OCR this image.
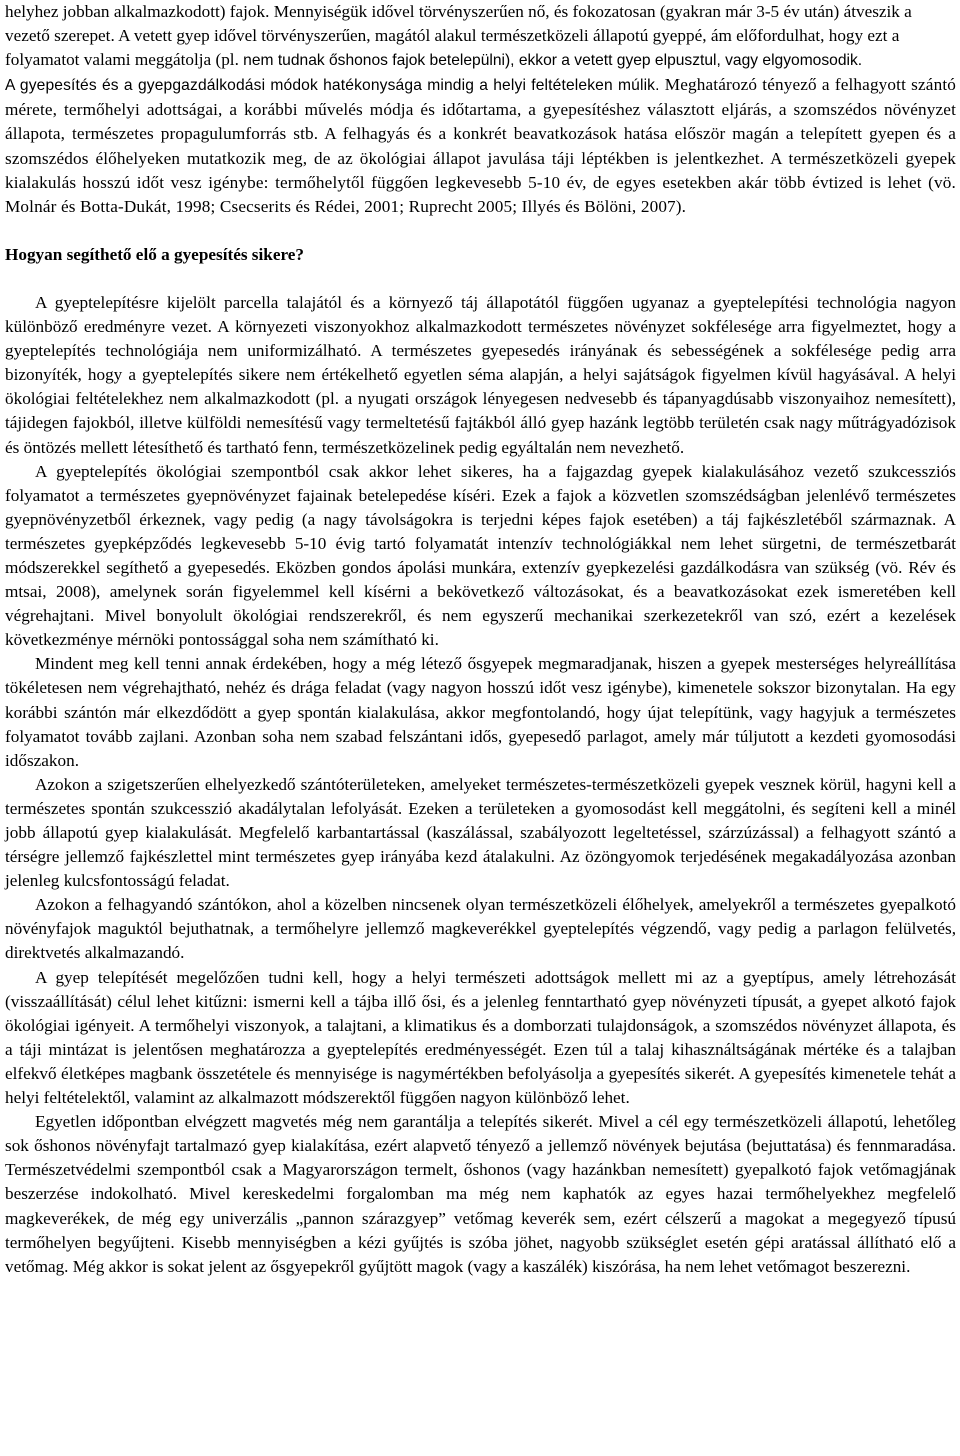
helyhez jobban alkalmazkodott) fajok. Mennyiségük idővel törvényszerűen nő, és fokozatosan (gyakran már 3-5 év után) átveszik a vezető szerepet. A vetett gyep idővel törvényszerűen, magától alakul természetközeli állapotú gyeppé, ám előfordulhat, hogy ezt a folyamatot valami meggátolja (pl. nem tudnak őshonos fajok betelepülni), ekkor a vetett gyep elpusztul, vagy elgyomosodik.

A gyepesítés és a gyepgazdálkodási módok hatékonysága mindig a helyi feltételeken múlik. Meghatározó tényező a felhagyott szántó mérete, termőhelyi adottságai, a korábbi művelés módja és időtartama, a gyepesítéshez választott eljárás, a szomszédos növényzet állapota, természetes propagulumforrás stb. A felhagyás és a konkrét beavatkozások hatása először magán a telepített gyepen és a szomszédos élőhelyeken mutatkozik meg, de az ökológiai állapot javulása táji léptékben is jelentkezhet. A természetközeli gyepek kialakulás hosszú időt vesz igénybe: termőhelytől függően legkevesebb 5-10 év, de egyes esetekben akár több évtized is lehet (vö. Molnár és Botta-Dukát, 1998; Csecserits és Rédei, 2001; Ruprecht 2005; Illyés és Bölöni, 2007).

Hogyan segíthető elő a gyepesítés sikere?

A gyeptelepítésre kijelölt parcella talajától és a környező táj állapotától függően ugyanaz a gyeptelepítési technológia nagyon különböző eredményre vezet. A környezeti viszonyokhoz alkalmazkodott természetes növényzet sokfélesége arra figyelmeztet, hogy a gyeptelepítés technológiája nem uniformizálható. A természetes gyepesedés irányának és sebességének a sokfélesége pedig arra bizonyíték, hogy a gyeptelepítés sikere nem értékelhető egyetlen séma alapján, a helyi sajátságok figyelmen kívül hagyásával. A helyi ökológiai feltételekhez nem alkalmazkodott (pl. a nyugati országok lényegesen nedvesebb és tápanyagdúsabb viszonyaihoz nemesített), tájidegen fajokból, illetve külföldi nemesítésű vagy termeltetésű fajtákból álló gyep hazánk legtöbb területén csak nagy műtrágyadózisok és öntözés mellett létesíthető és tartható fenn, természetközelinek pedig egyáltalán nem nevezhető.

A gyeptelepítés ökológiai szempontból csak akkor lehet sikeres, ha a fajgazdag gyepek kialakulásához vezető szukcessziós folyamatot a természetes gyepnövényzet fajainak betelepedése kíséri. Ezek a fajok a közvetlen szomszédságban jelenlévő természetes gyepnövényzetből érkeznek, vagy pedig (a nagy távolságokra is terjedni képes fajok esetében) a táj fajkészletéből származnak. A természetes gyepképződés legkevesebb 5-10 évig tartó folyamatát intenzív technológiákkal nem lehet sürgetni, de természetbarát módszerekkel segíthető a gyepesedés. Eközben gondos ápolási munkára, extenzív gyepkezelési gazdálkodásra van szükség (vö. Rév és mtsai, 2008), amelynek során figyelemmel kell kísérni a bekövetkező változásokat, és a beavatkozásokat ezek ismeretében kell végrehajtani. Mivel bonyolult ökológiai rendszerekről, és nem egyszerű mechanikai szerkezetekről van szó, ezért a kezelések következménye mérnöki pontossággal soha nem számítható ki.

Mindent meg kell tenni annak érdekében, hogy a még létező ősgyepek megmaradjanak, hiszen a gyepek mesterséges helyreállítása tökéletesen nem végrehajtható, nehéz és drága feladat (vagy nagyon hosszú időt vesz igénybe), kimenetele sokszor bizonytalan. Ha egy korábbi szántón már elkezdődött a gyep spontán kialakulása, akkor megfontolandó, hogy újat telepítünk, vagy hagyjuk a természetes folyamatot tovább zajlani. Azonban soha nem szabad felszántani idős, gyepesedő parlagot, amely már túljutott a kezdeti gyomosodási időszakon.

Azokon a szigetszerűen elhelyezkedő szántóterületeken, amelyeket természetes-természetközeli gyepek vesznek körül, hagyni kell a természetes spontán szukcesszió akadálytalan lefolyását. Ezeken a területeken a gyomosodást kell meggátolni, és segíteni kell a minél jobb állapotú gyep kialakulását. Megfelelő karbantartással (kaszálással, szabályozott legeltetéssel, szárzúzással) a felhagyott szántó a térségre jellemző fajkészlettel mint természetes gyep irányába kezd átalakulni. Az özöngyomok terjedésének megakadályozása azonban jelenleg kulcsfontosságú feladat.

Azokon a felhagyandó szántókon, ahol a közelben nincsenek olyan természetközeli élőhelyek, amelyekről a természetes gyepalkotó növényfajok maguktól bejuthatnak, a termőhelyre jellemző magkeverékkel gyeptelepítés végzendő, vagy pedig a parlagon felülvetés, direktvetés alkalmazandó.

A gyep telepítését megelőzően tudni kell, hogy a helyi természeti adottságok mellett mi az a gyeptípus, amely létrehozását (visszaállítását) célul lehet kitűzni: ismerni kell a tájba illő ősi, és a jelenleg fenntartható gyep növényzeti típusát, a gyepet alkotó fajok ökológiai igényeit. A termőhelyi viszonyok, a talajtani, a klimatikus és a domborzati tulajdonságok, a szomszédos növényzet állapota, és a táji mintázat is jelentősen meghatározza a gyeptelepítés eredményességét. Ezen túl a talaj kihasználtságának mértéke és a talajban elfekvő életképes magbank összetétele és mennyisége is nagymértékben befolyásolja a gyepesítés sikerét. A gyepesítés kimenetele tehát a helyi feltételektől, valamint az alkalmazott módszerektől függően nagyon különböző lehet.

Egyetlen időpontban elvégzett magvetés még nem garantálja a telepítés sikerét. Mivel a cél egy természetközeli állapotú, lehetőleg sok őshonos növényfajt tartalmazó gyep kialakítása, ezért alapvető tényező a jellemző növények bejutása (bejuttatása) és fennmaradása. Természetvédelmi szempontból csak a Magyarországon termelt, őshonos (vagy hazánkban nemesített) gyepalkotó fajok vetőmagjának beszerzése indokolható. Mivel kereskedelmi forgalomban ma még nem kaphatók az egyes hazai termőhelyekhez megfelelő magkeverékek, de még egy univerzális „pannon szárazgyep” vetőmag keverék sem, ezért célszerű a magokat a megegyező típusú termőhelyen begyűjteni. Kisebb mennyiségben a kézi gyűjtés is szóba jöhet, nagyobb szükséglet esetén gépi aratással állítható elő a vetőmag. Még akkor is sokat jelent az ősgyepekről gyűjtött magok (vagy a kaszálék) kiszórása, ha nem lehet vetőmagot beszerezni.
